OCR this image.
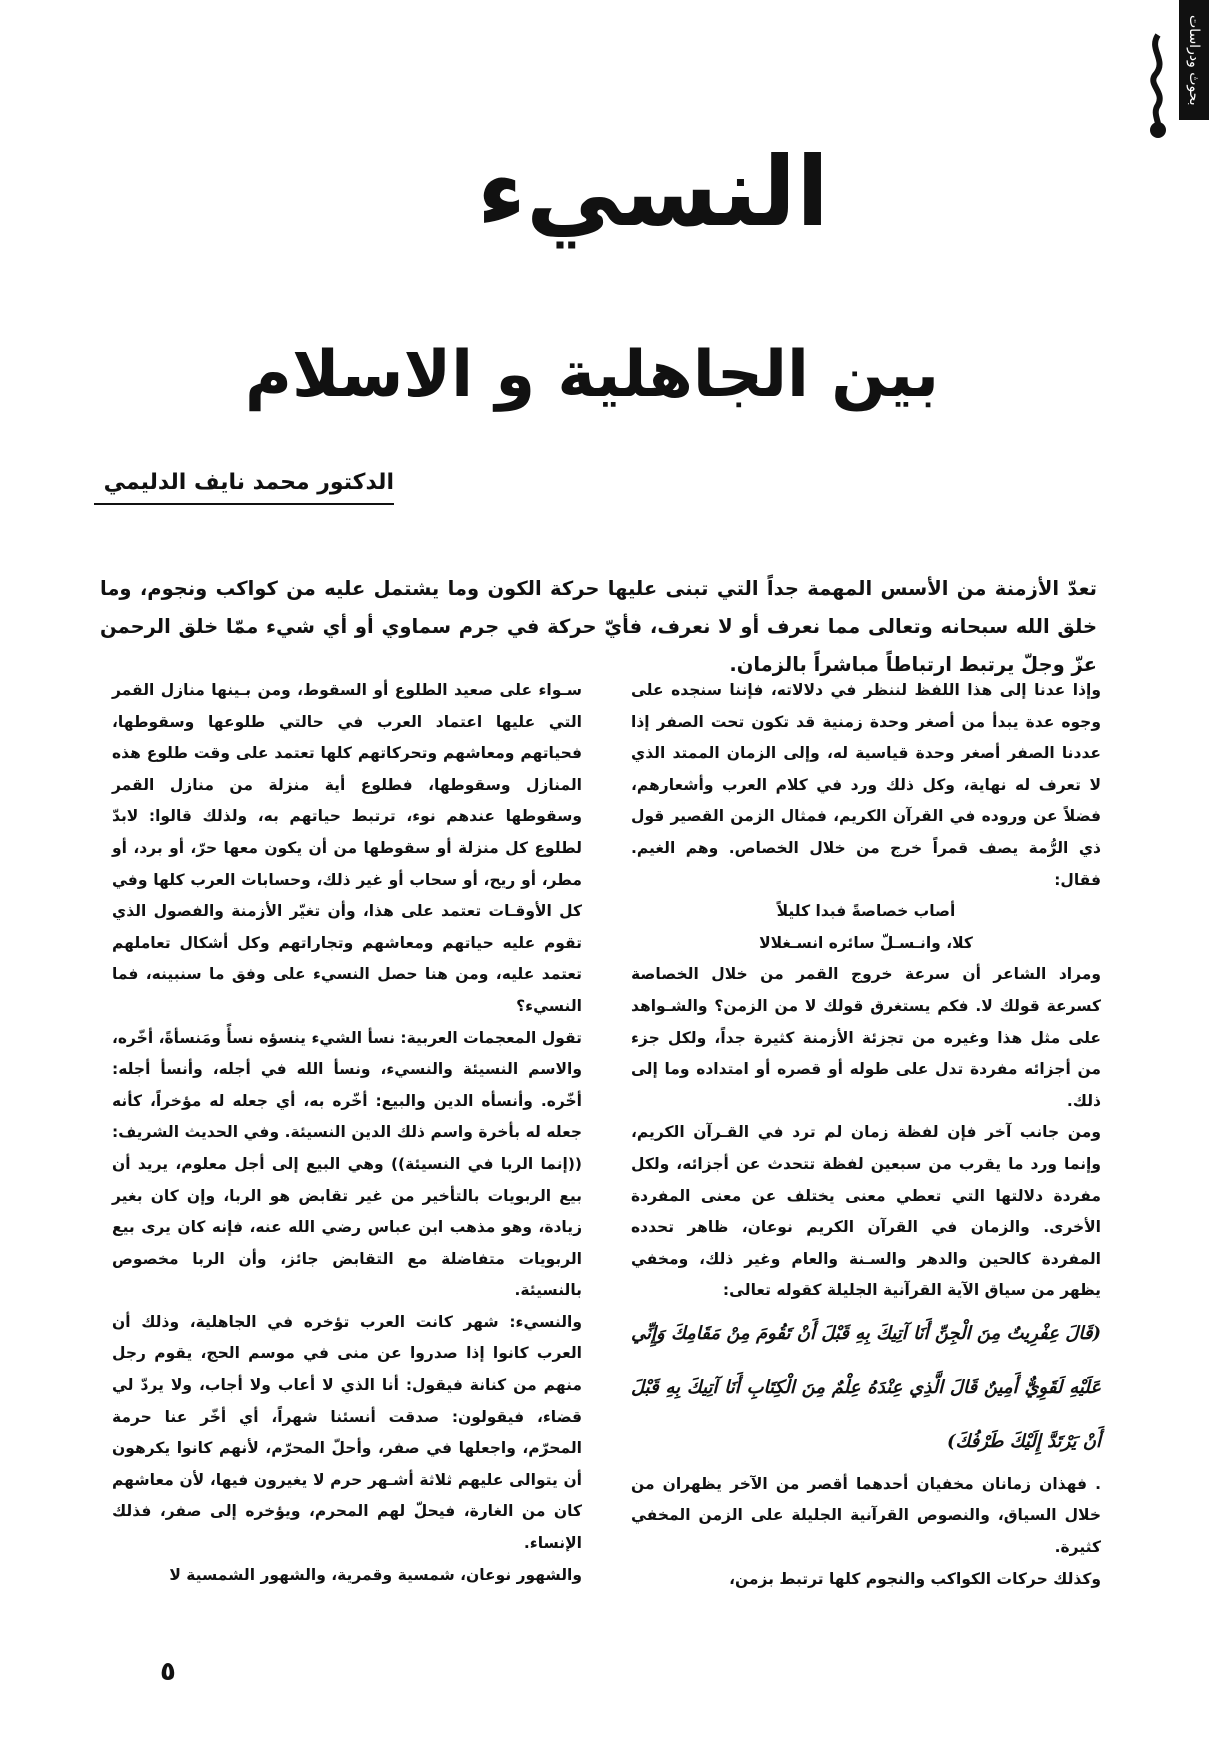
بحوث ودراسات
النسيء
بين الجاهلية و الاسلام
الدكتور محمد نايف الدليمي

تعدّ الأزمنة من الأسس المهمة جداً التي تبنى عليها حركة الكون وما يشتمل عليه من كواكب ونجوم، وما خلق الله سبحانه وتعالى مما نعرف أو لا نعرف، فأيّ حركة في جرم سماوي أو أي شيء ممّا خلق الرحمن عزّ وجلّ يرتبط ارتباطاً مباشراً بالزمان.

وإذا عدنا إلى هذا اللفظ لننظر في دلالاته، فإننا سنجده على وجوه عدة يبدأ من أصغر وحدة زمنية قد تكون تحت الصفر إذا عددنا الصفر أصغر وحدة قياسية له، وإلى الزمان الممتد الذي لا تعرف له نهاية، وكل ذلك ورد في كلام العرب وأشعارهم، فضلاً عن وروده في القرآن الكريم، فمثال الزمن القصير قول ذي الرُّمة يصف قمراً خرج من خلال الخصاص. وهم الغيم. فقال:

أصاب خصاصةً فبدا كليلاً

كلا، وانـسـلّ سائره انسـغلالا

ومراد الشاعر أن سرعة خروج القمر من خلال الخصاصة كسرعة قولك لا. فكم يستغرق قولك لا من الزمن؟ والشـواهد على مثل هذا وغيره من تجزئة الأزمنة كثيرة جداً، ولكل جزء من أجزائه مفردة تدل على طوله أو قصره أو امتداده وما إلى ذلك.

ومن جانب آخر فإن لفظة زمان لم ترد في القـرآن الكريم، وإنما ورد ما يقرب من سبعين لفظة تتحدث عن أجزائه، ولكل مفردة دلالتها التي تعطي معنى يختلف عن معنى المفردة الأخرى. والزمان في القرآن الكريم نوعان، ظاهر تحدده المفردة كالحين والدهر والسـنة والعام وغير ذلك، ومخفي يظهر من سياق الآية القرآنية الجليلة كقوله تعالى:

(قَالَ عِفْرِيتٌ مِنَ الْجِنِّ أَنَا آتِيكَ بِهِ قَبْلَ أَنْ تَقُومَ مِنْ مَقَامِكَ وَإِنِّي عَلَيْهِ لَقَوِيٌّ أَمِينٌ قَالَ الَّذِي عِنْدَهُ عِلْمٌ مِنَ الْكِتَابِ أَنَا آتِيكَ بِهِ قَبْلَ أَنْ يَرْتَدَّ إِلَيْكَ طَرْفُكَ)

. فهذان زمانان مخفيان أحدهما أقصر من الآخر يظهران من خلال السياق، والنصوص القرآنية الجليلة على الزمن المخفي كثيرة.

وكذلك حركات الكواكب والنجوم كلها ترتبط بزمن،

سـواء على صعيد الطلوع أو السقوط، ومن بـينها منازل القمر التي عليها اعتماد العرب في حالتي طلوعها وسقوطها، فحياتهم ومعاشهم وتحركاتهم كلها تعتمد على وقت طلوع هذه المنازل وسقوطها، فطلوع أية منزلة من منازل القمر وسقوطها عندهم نوء، ترتبط حياتهم به، ولذلك قالوا: لابدّ لطلوع كل منزلة أو سقوطها من أن يكون معها حرّ، أو برد، أو مطر، أو ريح، أو سحاب أو غير ذلك، وحسابات العرب كلها وفي كل الأوقـات تعتمد على هذا، وأن تغيّر الأزمنة والفصول الذي تقوم عليه حياتهم ومعاشهم وتجاراتهم وكل أشكال تعاملهم تعتمد عليه، ومن هنا حصل النسيء على وفق ما سنبينه، فما النسيء؟

تقول المعجمات العربية: نسأ الشيء ينسؤه نسأً ومَنسأةً، أخّره، والاسم النسيئة والنسيء، ونسأ الله في أجله، وأنسأ أجله: أخّره. وأنسأه الدين والبيع: أخّره به، أي جعله له مؤخراً، كأنه جعله له بأخرة واسم ذلك الدين النسيئة. وفي الحديث الشريف: ((إنما الربا في النسيئة)) وهي البيع إلى أجل معلوم، يريد أن بيع الربويات بالتأخير من غير تقابض هو الربا، وإن كان بغير زيادة، وهو مذهب ابن عباس رضي الله عنه، فإنه كان يرى بيع الربويات متفاضلة مع التقابض جائز، وأن الربا مخصوص بالنسيئة.

والنسيء: شهر كانت العرب تؤخره في الجاهلية، وذلك أن العرب كانوا إذا صدروا عن منى في موسم الحج، يقوم رجل منهم من كنانة فيقول: أنا الذي لا أعاب ولا أجاب، ولا يردّ لي قضاء، فيقولون: صدقت أنسئنا شهراً، أي أخّر عنا حرمة المحرّم، واجعلها في صفر، وأحلّ المحرّم، لأنهم كانوا يكرهون أن يتوالى عليهم ثلاثة أشـهر حرم لا يغيرون فيها، لأن معاشهم كان من الغارة، فيحلّ لهم المحرم، ويؤخره إلى صفر، فذلك الإنساء.

والشهور نوعان، شمسية وقمرية، والشهور الشمسية لا

٥
